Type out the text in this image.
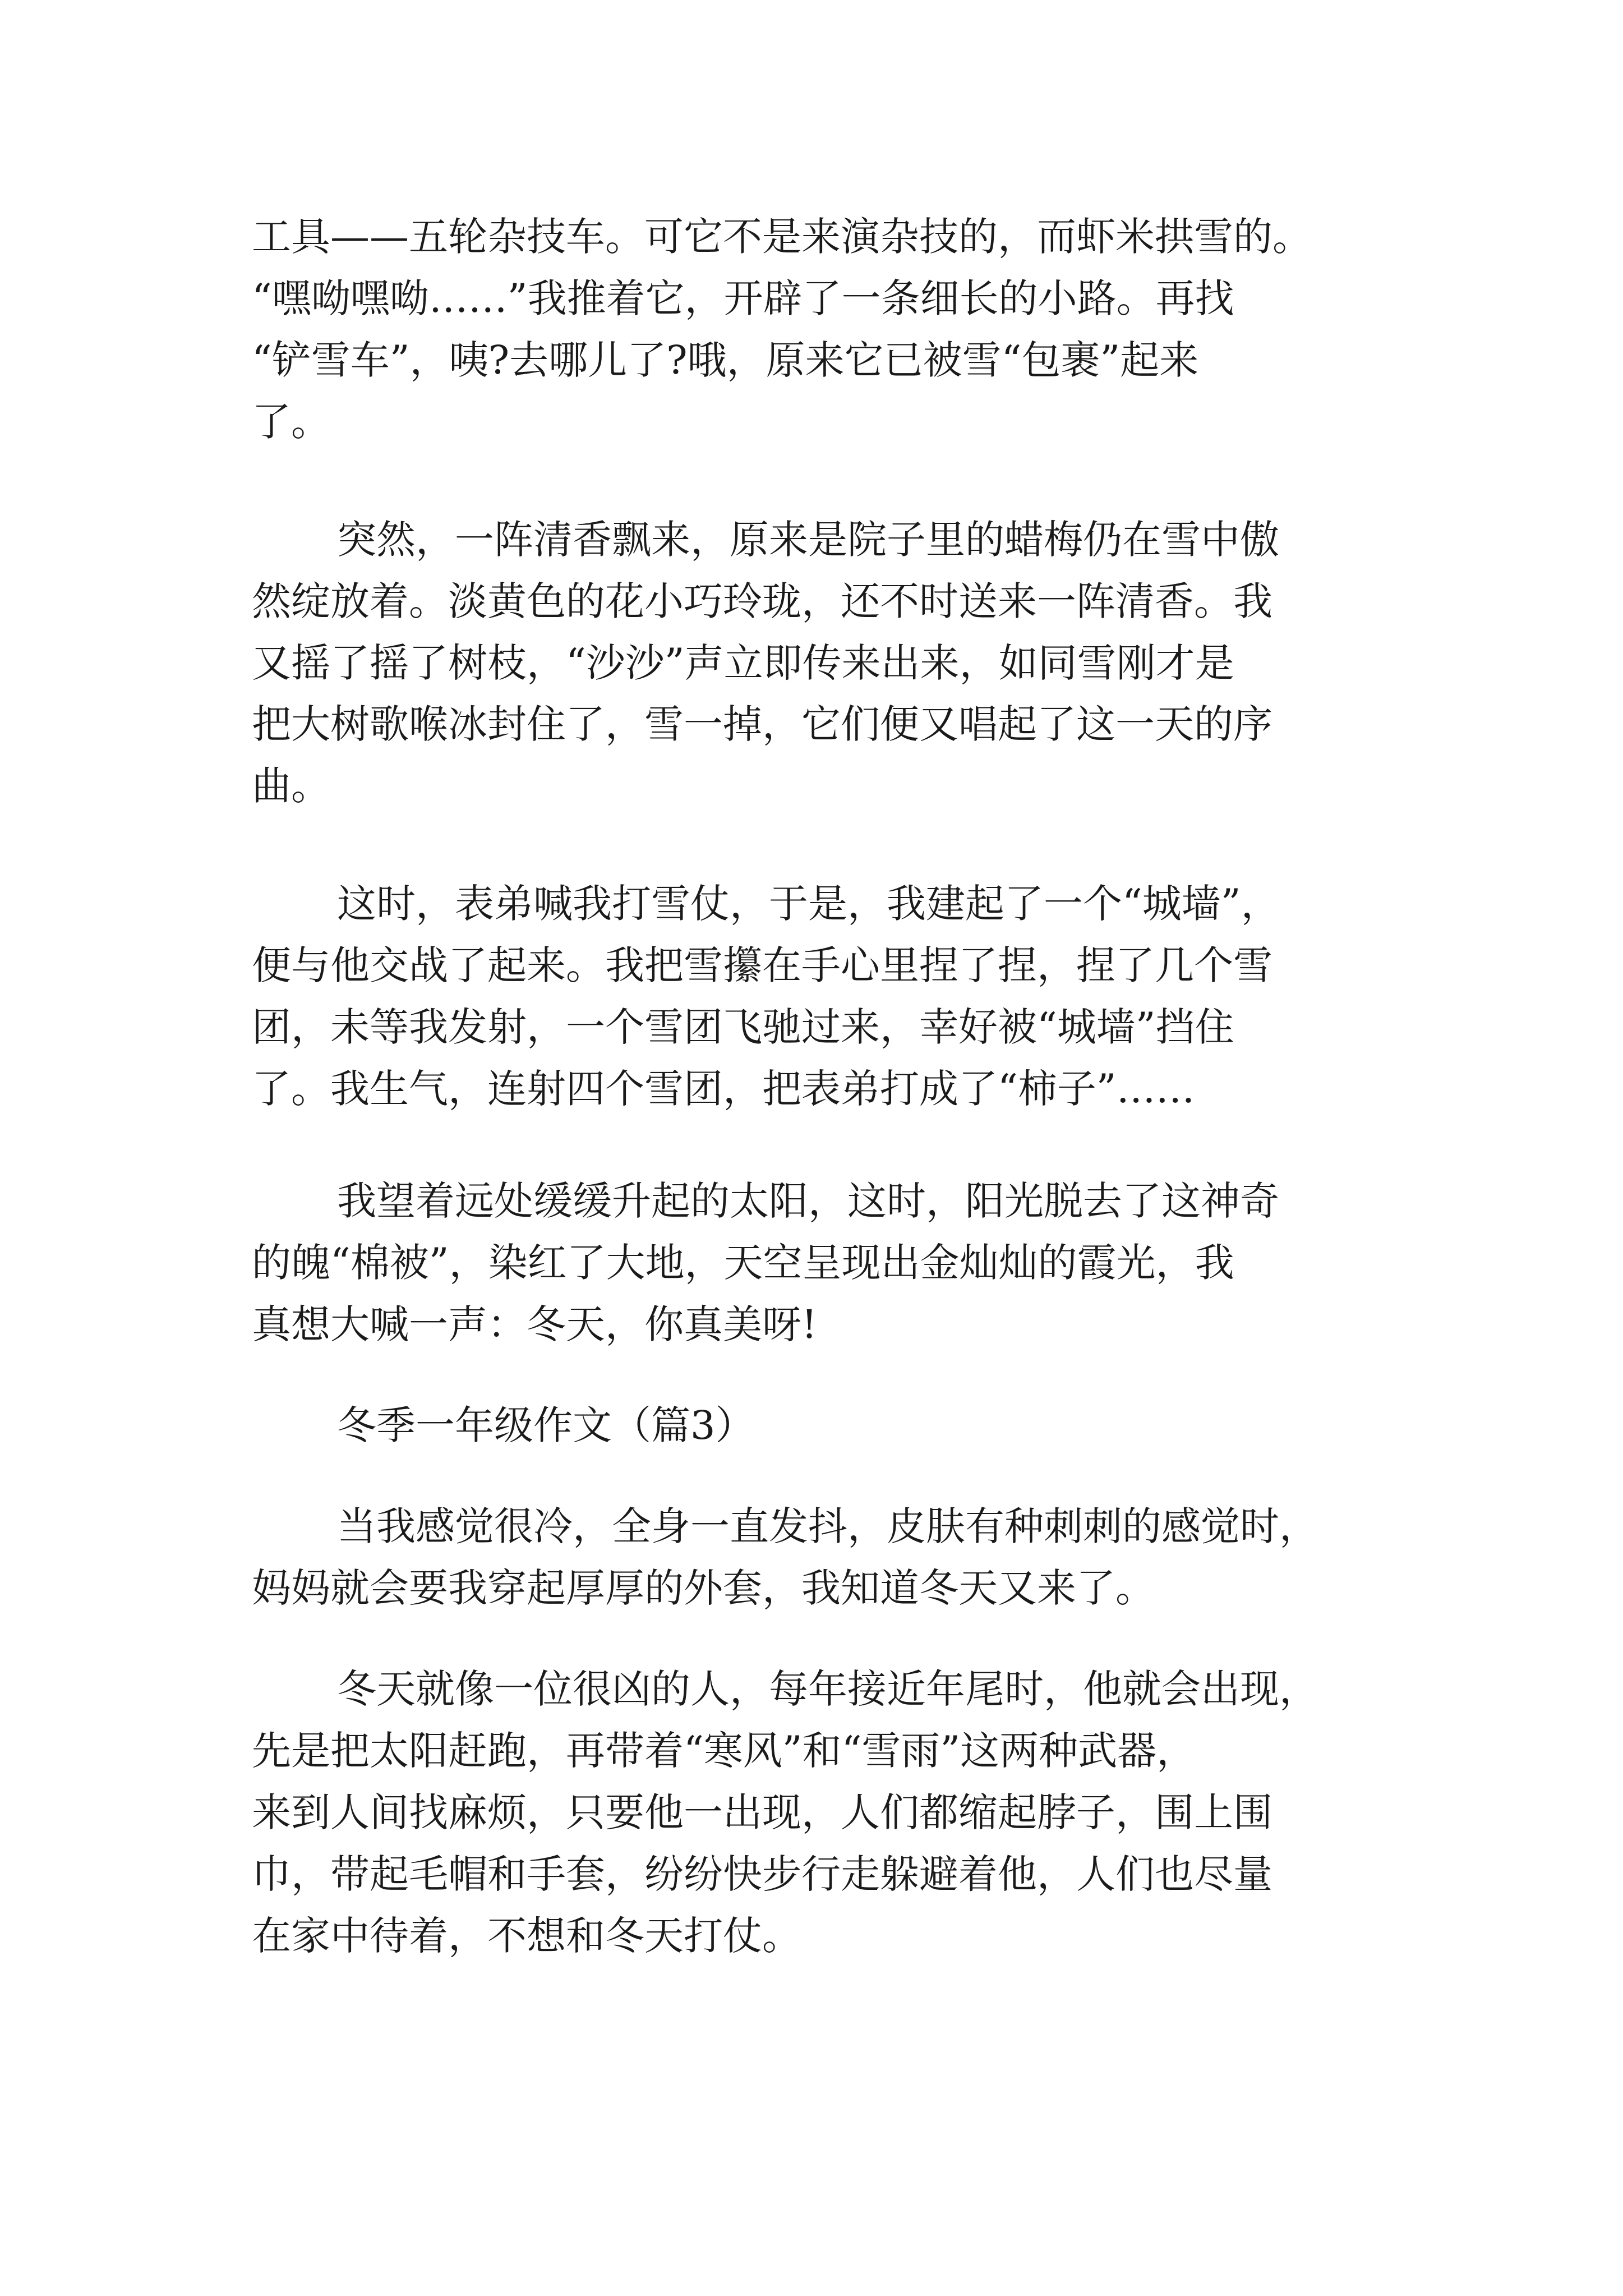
工具——五轮杂技车。可它不是来演杂技的，而虾米拱雪的。

“嘿呦嘿呦……”我推着它，开辟了一条细长的小路。再找

“铲雪车”，咦?去哪儿了?哦，原来它已被雪“包裹”起来

了。

突然，一阵清香飘来，原来是院子里的蜡梅仍在雪中傲

然绽放着。淡黄色的花小巧玲珑，还不时送来一阵清香。我

又摇了摇了树枝，“沙沙”声立即传来出来，如同雪刚才是

把大树歌喉冰封住了，雪一掉，它们便又唱起了这一天的序

曲。

这时，表弟喊我打雪仗，于是，我建起了一个“城墙”，

便与他交战了起来。我把雪攥在手心里捏了捏，捏了几个雪

团，未等我发射，一个雪团飞驰过来，幸好被“城墙”挡住

了。我生气，连射四个雪团，把表弟打成了“柿子”……

我望着远处缓缓升起的太阳，这时，阳光脱去了这神奇

的魄“棉被”，染红了大地，天空呈现出金灿灿的霞光，我

真想大喊一声：冬天，你真美呀!

冬季一年级作文（篇3）

当我感觉很冷，全身一直发抖，皮肤有种刺刺的感觉时，

妈妈就会要我穿起厚厚的外套，我知道冬天又来了。

冬天就像一位很凶的人，每年接近年尾时，他就会出现，

先是把太阳赶跑，再带着“寒风”和“雪雨”这两种武器，

来到人间找麻烦，只要他一出现，人们都缩起脖子，围上围

巾，带起毛帽和手套，纷纷快步行走躲避着他，人们也尽量

在家中待着，不想和冬天打仗。
